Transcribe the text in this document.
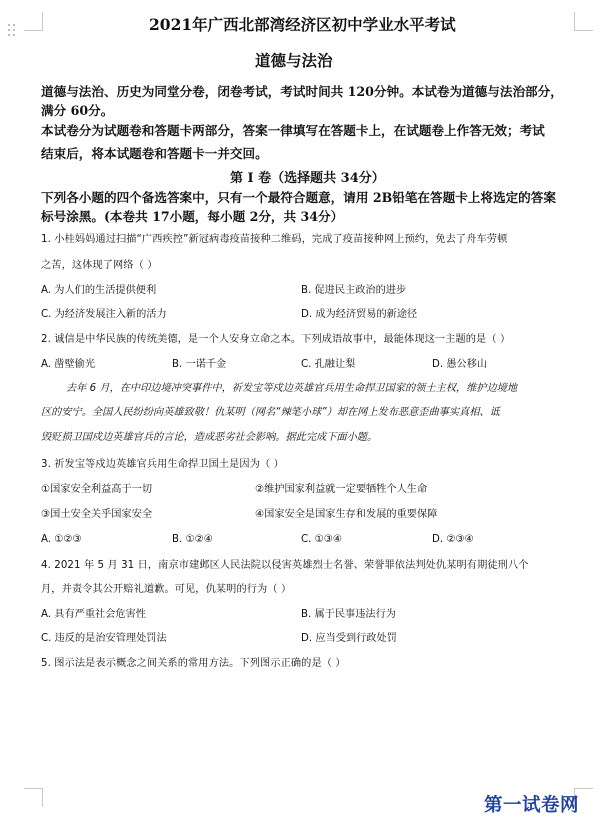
2021年广西北部湾经济区初中学业水平考试
道德与法治
道德与法治、历史为同堂分卷，闭卷考试，考试时间共 120分钟。本试卷为道德与法治部分，
满分 60分。
本试卷分为试题卷和答题卡两部分，答案一律填写在答题卡上，在试题卷上作答无效；考试
结束后，将本试题卷和答题卡一并交回。
第 I 卷（选择题共 34分）
下列各小题的四个备选答案中，只有一个最符合题意，请用 2B铅笔在答题卡上将选定的答案
标号涂黑。(本卷共 17小题，每小题 2分，共 34分）
1. 小桂妈妈通过扫描“广西疾控”新冠病毒疫苗接种二维码，完成了疫苗接种网上预约，免去了舟车劳顿
之苦，这体现了网络（ ）
A. 为人们的生活提供便利	B. 促进民主政治的进步
C. 为经济发展注入新的活力	D. 成为经济贸易的新途径
2. 诚信是中华民族的传统美德，是一个人安身立命之本。下列成语故事中，最能体现这一主题的是（ ）
A. 凿壁偷光	B. 一诺千金	C. 孔融让梨	D. 愚公移山
去年 6 月，在中印边境冲突事件中，祈发宝等戍边英雄官兵用生命捍卫国家的领土主权，维护边境地
区的安宁。全国人民纷纷向英雄致敬！仇某明（网名“辣笔小球”）却在网上发布恶意歪曲事实真相、诋
毁贬损卫国戍边英雄官兵的言论，造成恶劣社会影响。据此完成下面小题。
3. 祈发宝等戍边英雄官兵用生命捍卫国土是因为（ ）
①国家安全利益高于一切	②维护国家利益就一定要牺牲个人生命
③国土安全关乎国家安全	④国家安全是国家生存和发展的重要保障
A. ①②③	B. ①②④	C. ①③④	D. ②③④
4. 2021 年 5 月 31 日，南京市建邺区人民法院以侵害英雄烈士名誉、荣誉罪依法判处仇某明有期徒刑八个
月，并责令其公开赔礼道歉。可见，仇某明的行为（ ）
A. 具有严重社会危害性	B. 属于民事违法行为
C. 违反的是治安管理处罚法	D. 应当受到行政处罚
5. 图示法是表示概念之间关系的常用方法。下列图示正确的是（ ）
第一试卷网
